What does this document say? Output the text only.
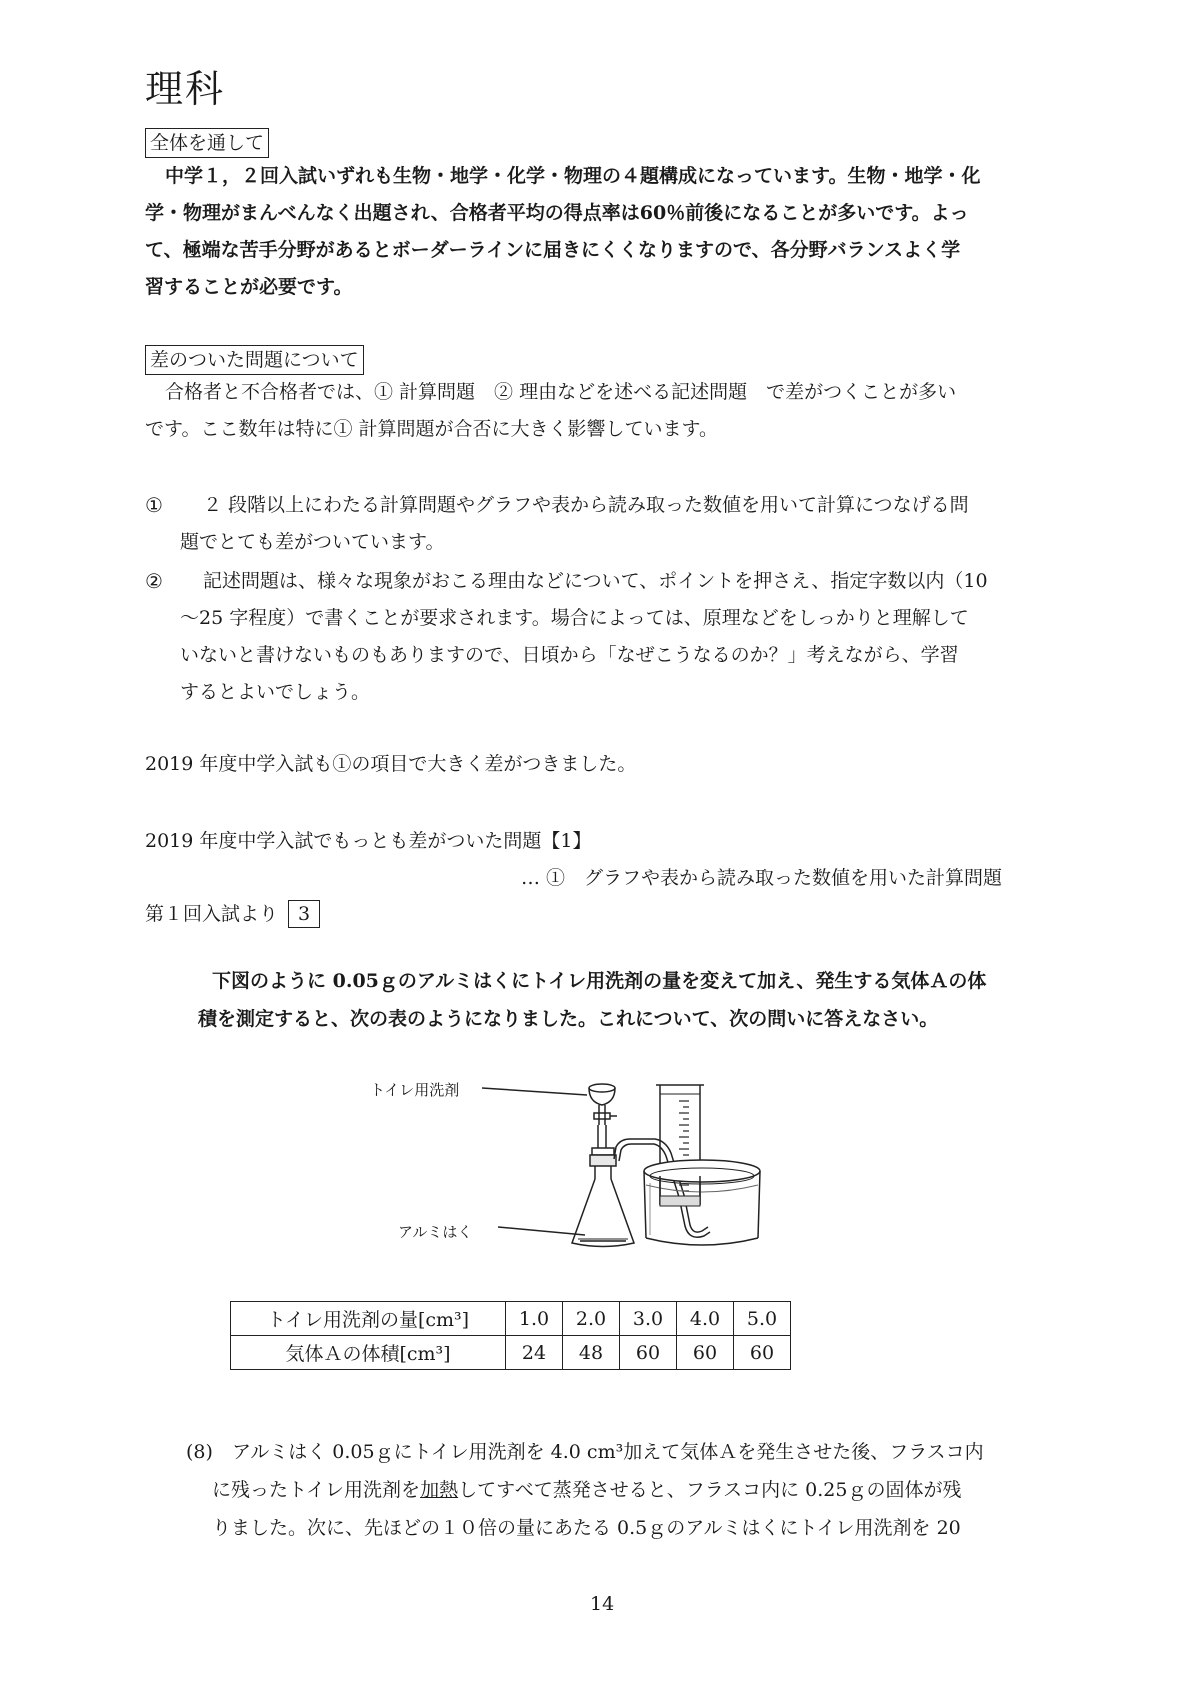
理科
全体を通して
中学１，２回入試いずれも生物・地学・化学・物理の４題構成になっています。生物・地学・化
学・物理がまんべんなく出題され、合格者平均の得点率は60％前後になることが多いです。よっ
て、極端な苦手分野があるとボーダーラインに届きにくくなりますので、各分野バランスよく学
習することが必要です。
差のついた問題について
合格者と不合格者では、① 計算問題　② 理由などを述べる記述問題　で差がつくことが多い
です。ここ数年は特に① 計算問題が合否に大きく影響しています。
① ２ 段階以上にわたる計算問題やグラフや表から読み取った数値を用いて計算につなげる問
題でとても差がついています。
② 記述問題は、様々な現象がおこる理由などについて、ポイントを押さえ、指定字数以内（10
～25 字程度）で書くことが要求されます。場合によっては、原理などをしっかりと理解して
いないと書けないものもありますので、日頃から「なぜこうなるのか？」考えながら、学習
するとよいでしょう。
2019 年度中学入試も①の項目で大きく差がつきました。
2019 年度中学入試でもっとも差がついた問題【1】
… ①　グラフや表から読み取った数値を用いた計算問題
第１回入試より 3
下図のように 0.05ｇのアルミはくにトイレ用洗剤の量を変えて加え、発生する気体Ａの体
積を測定すると、次の表のようになりました。これについて、次の問いに答えなさい。
トイレ用洗剤
アルミはく
トイレ用洗剤の量[cm³]	1.0	2.0	3.0	4.0	5.0
気体Ａの体積[cm³]	24	48	60	60	60
(8) アルミはく 0.05ｇにトイレ用洗剤を 4.0 cm³加えて気体Ａを発生させた後、フラスコ内
に残ったトイレ用洗剤を加熱してすべて蒸発させると、フラスコ内に 0.25ｇの固体が残
りました。次に、先ほどの１０倍の量にあたる 0.5ｇのアルミはくにトイレ用洗剤を 20
14
